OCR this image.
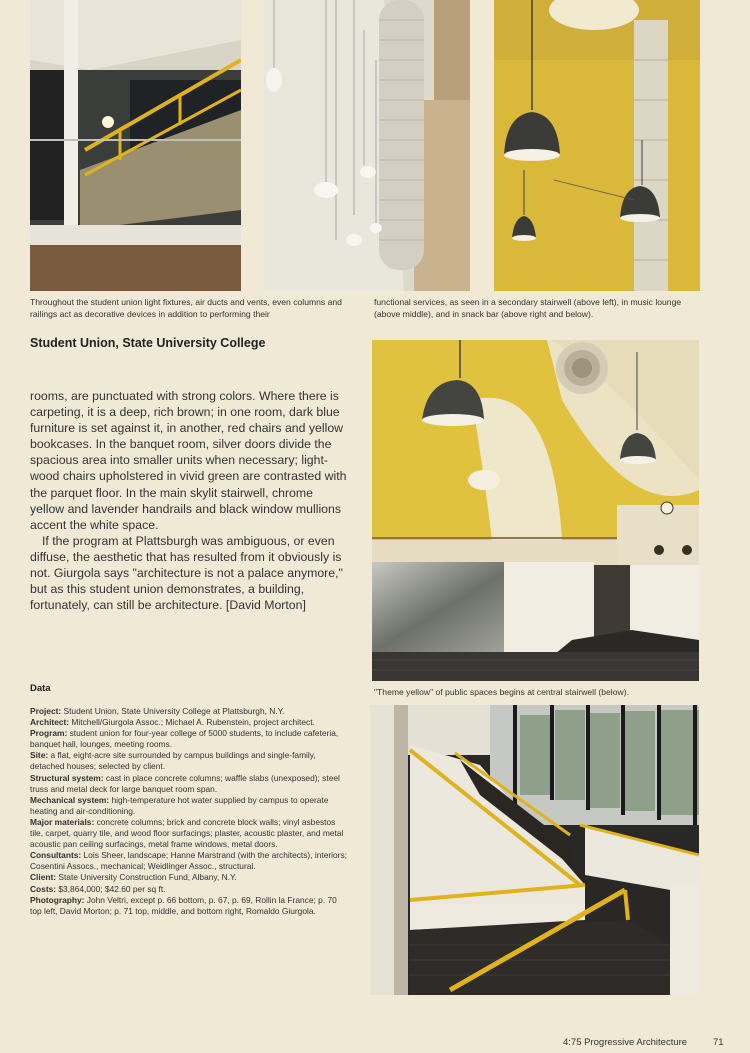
Throughout the student union light fixtures, air ducts and vents, even columns and railings act as decorative devices in addition to performing their
functional services, as seen in a secondary stairwell (above left), in music lounge (above middle), and in snack bar (above right and below).
Student Union, State University College

rooms, are punctuated with strong colors. Where there is carpeting, it is a deep, rich brown; in one room, dark blue furniture is set against it, in another, red chairs and yellow bookcases. In the banquet room, silver doors divide the spacious area into smaller units when necessary; light-wood chairs upholstered in vivid green are contrasted with the parquet floor. In the main skylit stairwell, chrome yellow and lavender handrails and black window mullions accent the white space.

If the program at Plattsburgh was ambiguous, or even diffuse, the aesthetic that has resulted from it obviously is not. Giurgola says "architecture is not a palace anymore," but as this student union demonstrates, a building, fortunately, can still be architecture. [David Morton]

"Theme yellow" of public spaces begins at central stairwell (below).
Data

Project: Student Union, State University College at Plattsburgh, N.Y.

Architect: Mitchell/Giurgola Assoc.; Michael A. Rubenstein, project architect.

Program: student union for four-year college of 5000 students, to include cafeteria, banquet hall, lounges, meeting rooms.

Site: a flat, eight-acre site surrounded by campus buildings and single-family, detached houses; selected by client.

Structural system: cast in place concrete columns; waffle slabs (unexposed); steel truss and metal deck for large banquet room span.

Mechanical system: high-temperature hot water supplied by campus to operate heating and air-conditioning.

Major materials: concrete columns; brick and concrete block walls; vinyl asbestos tile, carpet, quarry tile, and wood floor surfacings; plaster, acoustic plaster, and metal acoustic pan ceiling surfacings, metal frame windows, metal doors.

Consultants: Lois Sheer, landscape; Hanne Marstrand (with the architects), interiors; Cosentini Assocs., mechanical; Weidlinger Assoc., structural.

Client: State University Construction Fund, Albany, N.Y.

Costs: $3,864,000; $42.60 per sq ft.

Photography: John Veltri, except p. 66 bottom, p. 67, p. 69, Rollin la France; p. 70 top left, David Morton; p. 71 top, middle, and bottom right, Romaldo Giurgola.

4:75 Progressive Architecture	71
